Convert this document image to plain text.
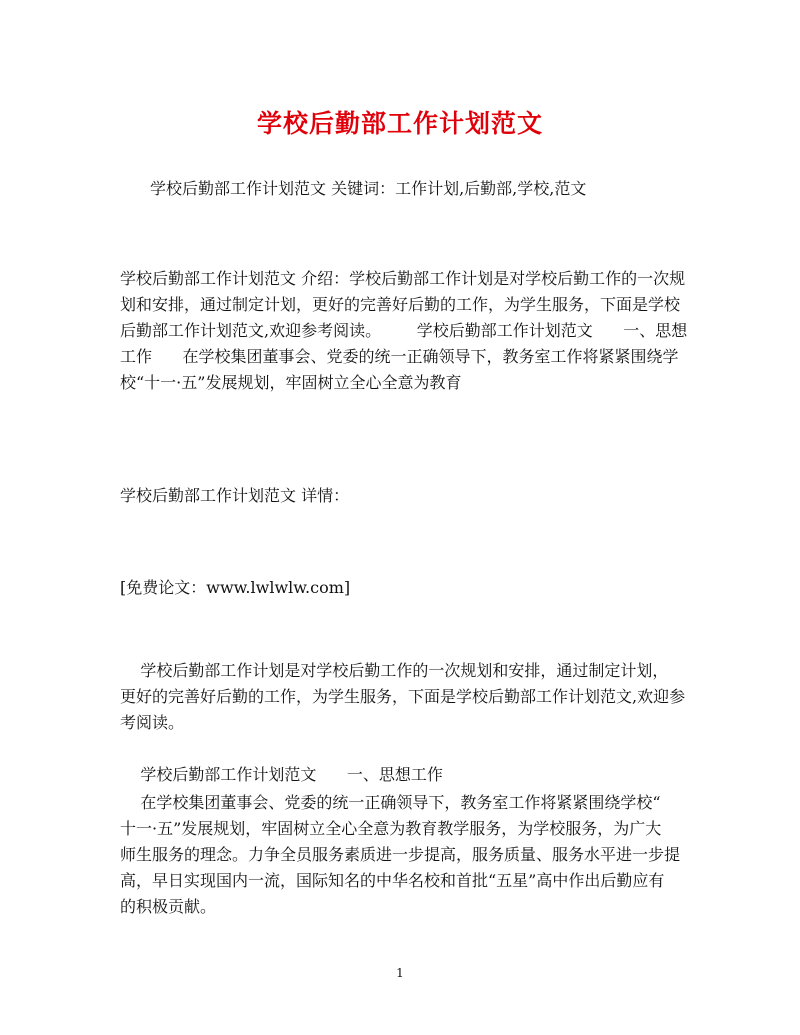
学校后勤部工作计划范文

学校后勤部工作计划范文 关键词：工作计划,后勤部,学校,范文

学校后勤部工作计划范文 介绍：学校后勤部工作计划是对学校后勤工作的一次规
划和安排，通过制定计划，更好的完善好后勤的工作，为学生服务，下面是学校
后勤部工作计划范文,欢迎参考阅读。       学校后勤部工作计划范文      一、思想
工作      在学校集团董事会、党委的统一正确领导下，教务室工作将紧紧围绕学
校“十一·五”发展规划，牢固树立全心全意为教育

学校后勤部工作计划范文 详情：

[免费论文：www.lwlwlw.com]

学校后勤部工作计划是对学校后勤工作的一次规划和安排，通过制定计划，
更好的完善好后勤的工作，为学生服务，下面是学校后勤部工作计划范文,欢迎参
考阅读。

学校后勤部工作计划范文      一、思想工作

在学校集团董事会、党委的统一正确领导下，教务室工作将紧紧围绕学校“
十一·五”发展规划，牢固树立全心全意为教育教学服务，为学校服务，为广大
师生服务的理念。力争全员服务素质进一步提高，服务质量、服务水平进一步提
高，早日实现国内一流，国际知名的中华名校和首批“五星”高中作出后勤应有
的积极贡献。

1
